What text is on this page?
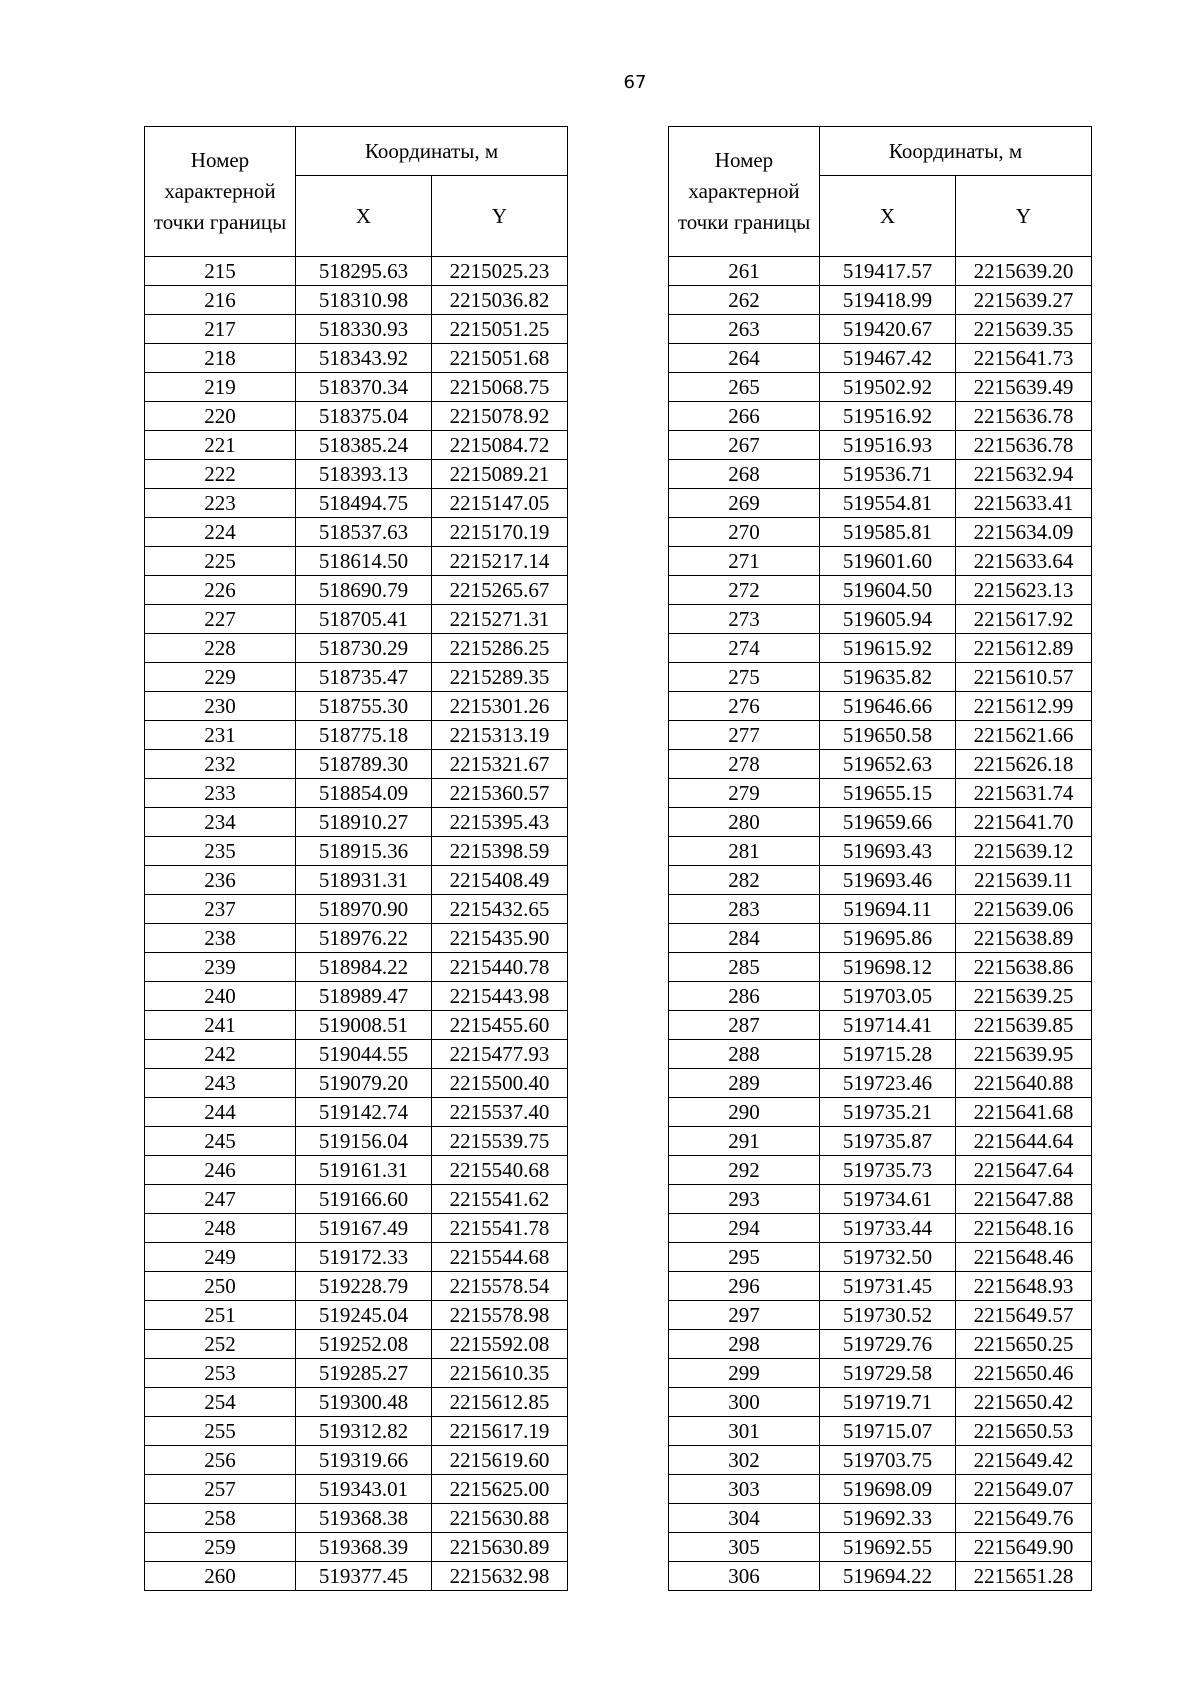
67
Номер характерной точки границы	Координаты, м	
	X	Y
215	518295.63	2215025.23
216	518310.98	2215036.82
217	518330.93	2215051.25
218	518343.92	2215051.68
219	518370.34	2215068.75
220	518375.04	2215078.92
221	518385.24	2215084.72
222	518393.13	2215089.21
223	518494.75	2215147.05
224	518537.63	2215170.19
225	518614.50	2215217.14
226	518690.79	2215265.67
227	518705.41	2215271.31
228	518730.29	2215286.25
229	518735.47	2215289.35
230	518755.30	2215301.26
231	518775.18	2215313.19
232	518789.30	2215321.67
233	518854.09	2215360.57
234	518910.27	2215395.43
235	518915.36	2215398.59
236	518931.31	2215408.49
237	518970.90	2215432.65
238	518976.22	2215435.90
239	518984.22	2215440.78
240	518989.47	2215443.98
241	519008.51	2215455.60
242	519044.55	2215477.93
243	519079.20	2215500.40
244	519142.74	2215537.40
245	519156.04	2215539.75
246	519161.31	2215540.68
247	519166.60	2215541.62
248	519167.49	2215541.78
249	519172.33	2215544.68
250	519228.79	2215578.54
251	519245.04	2215578.98
252	519252.08	2215592.08
253	519285.27	2215610.35
254	519300.48	2215612.85
255	519312.82	2215617.19
256	519319.66	2215619.60
257	519343.01	2215625.00
258	519368.38	2215630.88
259	519368.39	2215630.89
260	519377.45	2215632.98
Номер характерной точки границы	Координаты, м	
	X	Y
261	519417.57	2215639.20
262	519418.99	2215639.27
263	519420.67	2215639.35
264	519467.42	2215641.73
265	519502.92	2215639.49
266	519516.92	2215636.78
267	519516.93	2215636.78
268	519536.71	2215632.94
269	519554.81	2215633.41
270	519585.81	2215634.09
271	519601.60	2215633.64
272	519604.50	2215623.13
273	519605.94	2215617.92
274	519615.92	2215612.89
275	519635.82	2215610.57
276	519646.66	2215612.99
277	519650.58	2215621.66
278	519652.63	2215626.18
279	519655.15	2215631.74
280	519659.66	2215641.70
281	519693.43	2215639.12
282	519693.46	2215639.11
283	519694.11	2215639.06
284	519695.86	2215638.89
285	519698.12	2215638.86
286	519703.05	2215639.25
287	519714.41	2215639.85
288	519715.28	2215639.95
289	519723.46	2215640.88
290	519735.21	2215641.68
291	519735.87	2215644.64
292	519735.73	2215647.64
293	519734.61	2215647.88
294	519733.44	2215648.16
295	519732.50	2215648.46
296	519731.45	2215648.93
297	519730.52	2215649.57
298	519729.76	2215650.25
299	519729.58	2215650.46
300	519719.71	2215650.42
301	519715.07	2215650.53
302	519703.75	2215649.42
303	519698.09	2215649.07
304	519692.33	2215649.76
305	519692.55	2215649.90
306	519694.22	2215651.28
